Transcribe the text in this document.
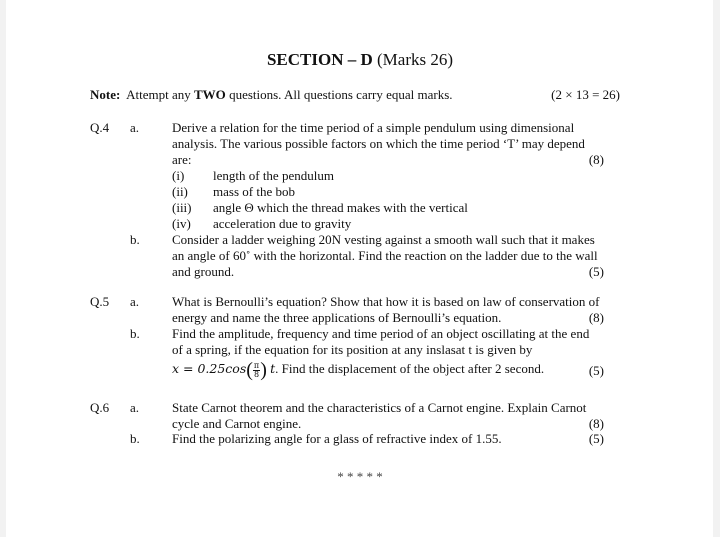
SECTION – D (Marks 26)
Note: Attempt any TWO questions. All questions carry equal marks.	(2 × 13 = 26)
Q.4 a.	Derive a relation for the time period of a simple pendulum using dimensional
analysis. The various possible factors on which the time period ‘T’ may depend
are:
(i) length of the pendulum
(ii) mass of the bob
(iii) angle Θ which the thread makes with the vertical
(iv) acceleration due to gravity
(8)
b. Consider a ladder weighing 20N vesting against a smooth wall such that it makes
an angle of 60˚ with the horizontal. Find the reaction on the ladder due to the wall
and ground.	(5)
Q.5 a.	What is Bernoulli’s equation? Show that how it is based on law of conservation of
energy and name the three applications of Bernoulli’s equation.	(8)
b. Find the amplitude, frequency and time period of an object oscillating at the end
of a spring, if the equation for its position at any inslasat t is given by
$x = 0.25\cos( \frac{\pi}{8}$ ) t. Find the displacement of the object after 2 second.	(5)
Q.6 a.	State Carnot theorem and the characteristics of a Carnot engine. Explain Carnot
cycle and Carnot engine.	(8)
b. Find the polarizing angle for a glass of refractive index of 1.55.	(5)
* * * * *
